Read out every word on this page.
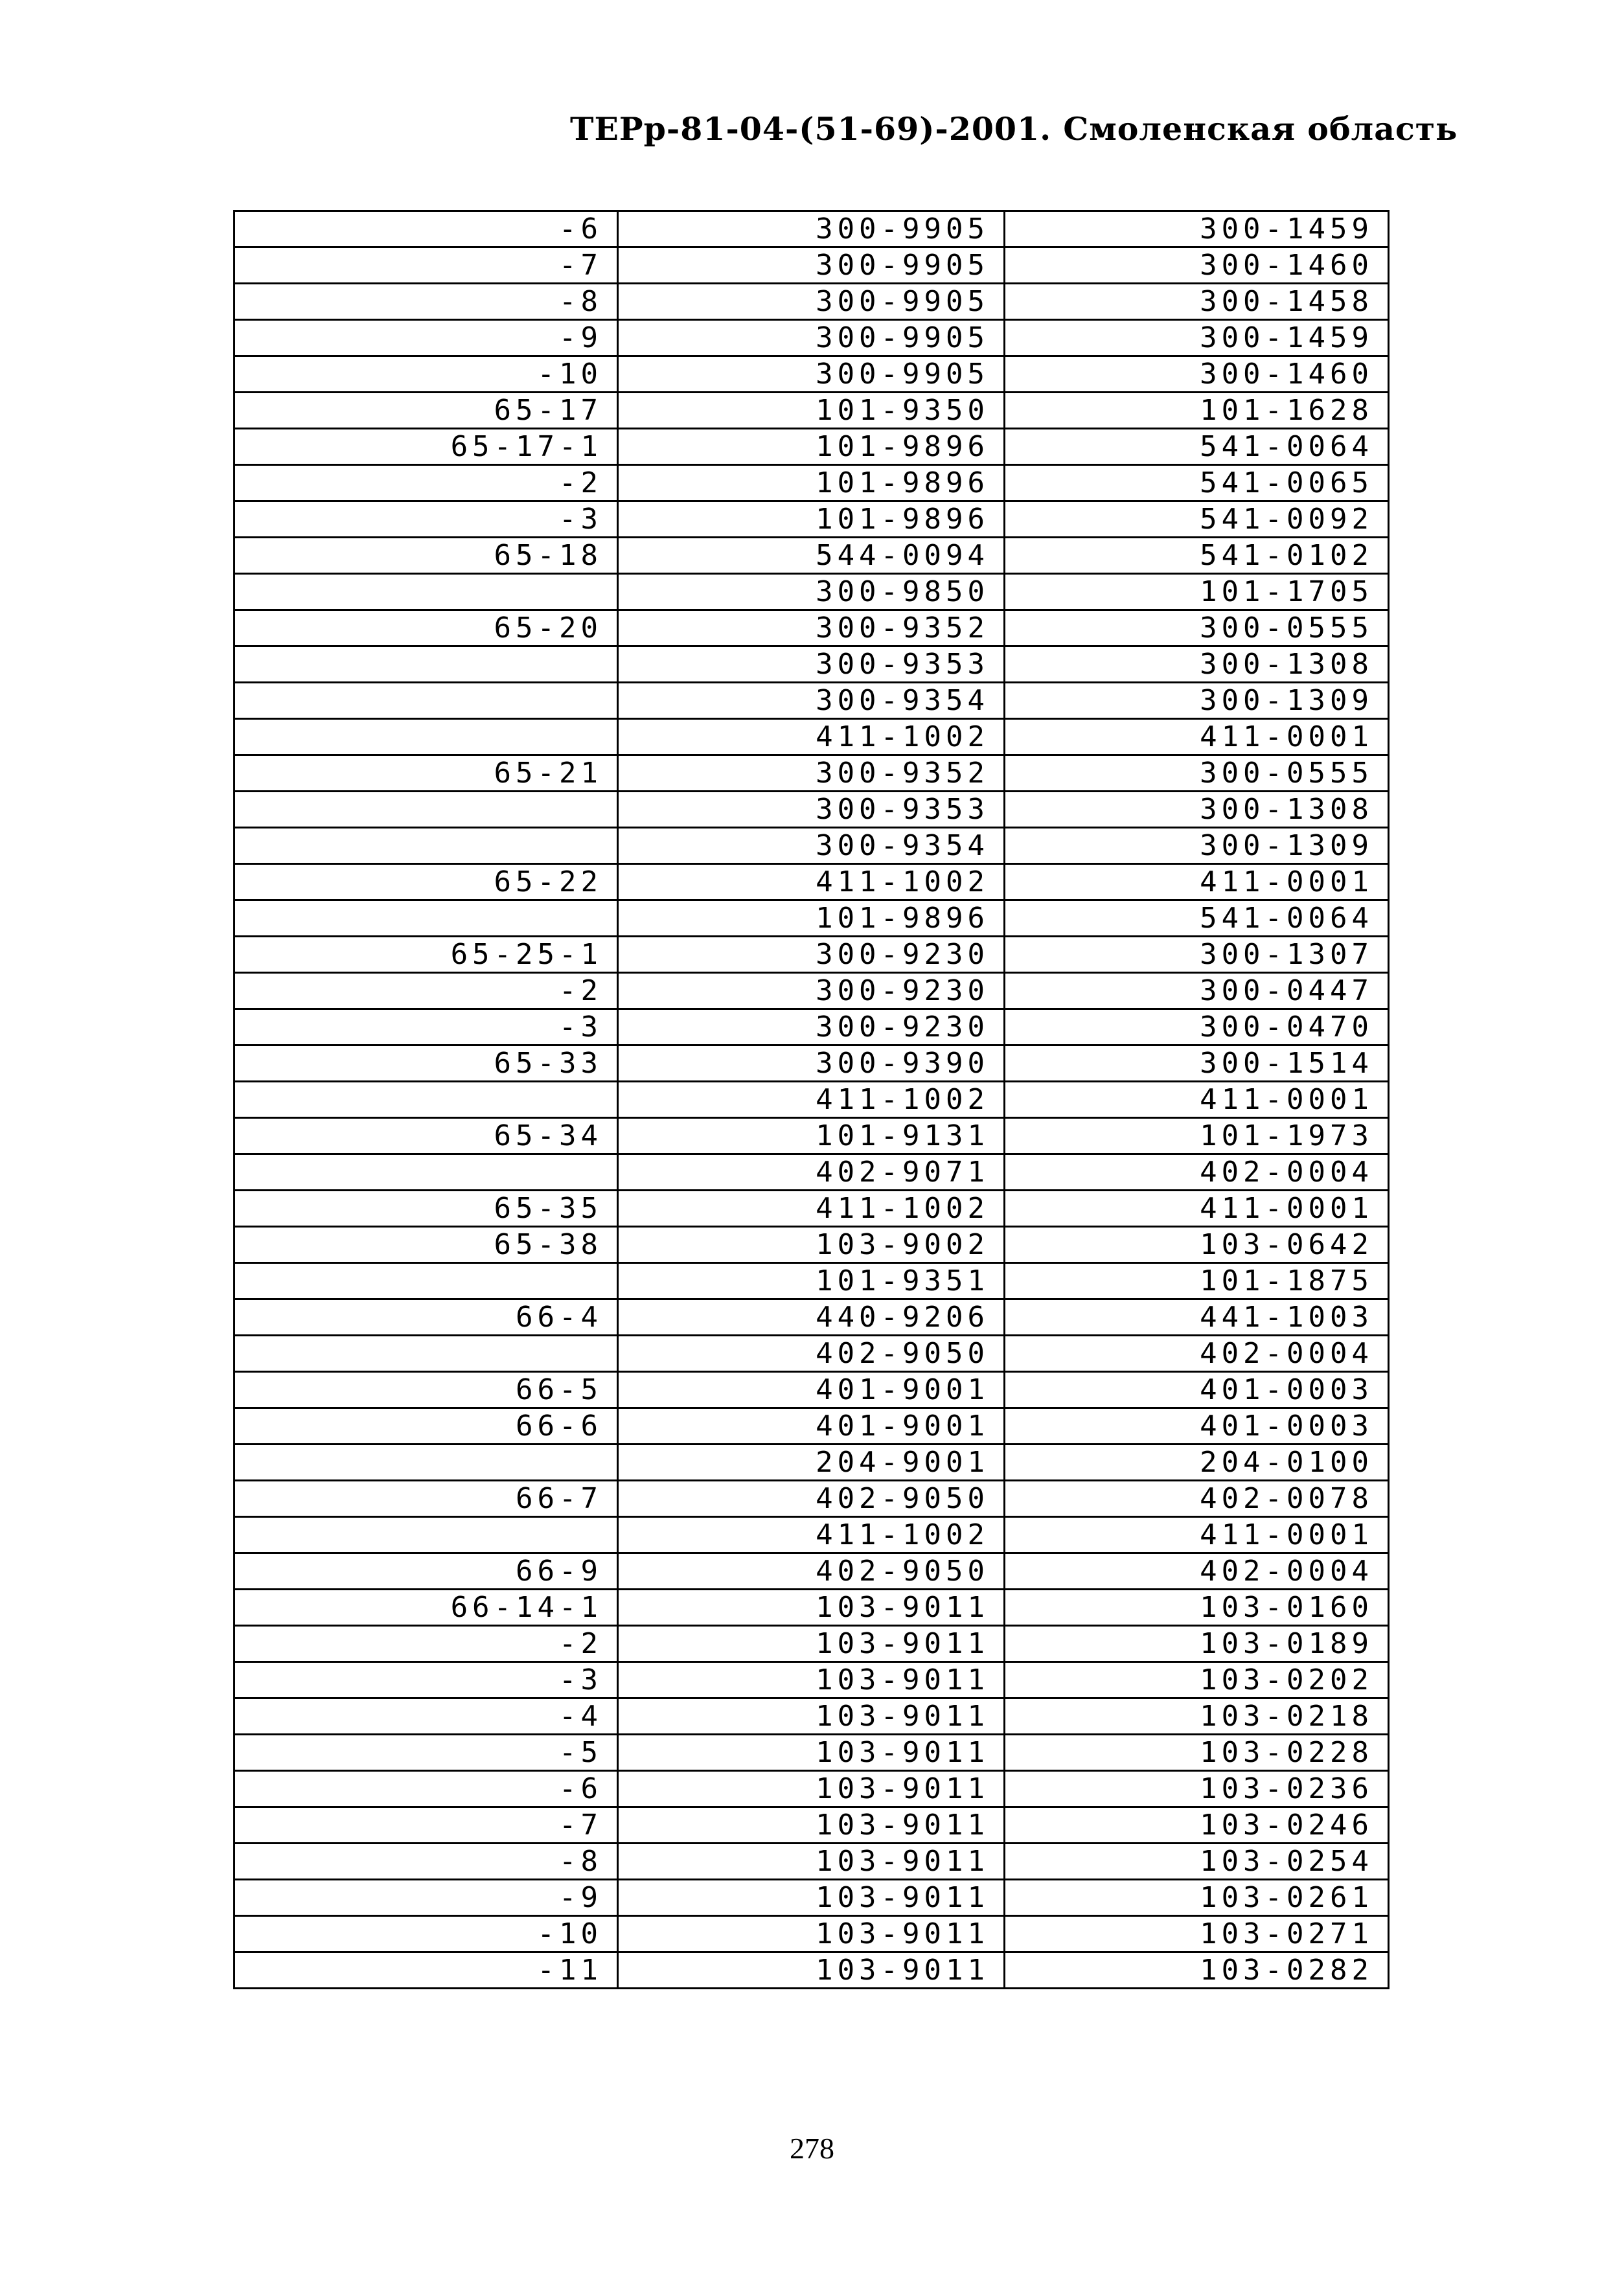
ТЕРр-81-04-(51-69)-2001. Смоленская область
-6	300-9905	300-1459
-7	300-9905	300-1460
-8	300-9905	300-1458
-9	300-9905	300-1459
-10	300-9905	300-1460
65-17	101-9350	101-1628
65-17-1	101-9896	541-0064
-2	101-9896	541-0065
-3	101-9896	541-0092
65-18	544-0094	541-0102
	300-9850	101-1705
65-20	300-9352	300-0555
	300-9353	300-1308
	300-9354	300-1309
	411-1002	411-0001
65-21	300-9352	300-0555
	300-9353	300-1308
	300-9354	300-1309
65-22	411-1002	411-0001
	101-9896	541-0064
65-25-1	300-9230	300-1307
-2	300-9230	300-0447
-3	300-9230	300-0470
65-33	300-9390	300-1514
	411-1002	411-0001
65-34	101-9131	101-1973
	402-9071	402-0004
65-35	411-1002	411-0001
65-38	103-9002	103-0642
	101-9351	101-1875
66-4	440-9206	441-1003
	402-9050	402-0004
66-5	401-9001	401-0003
66-6	401-9001	401-0003
	204-9001	204-0100
66-7	402-9050	402-0078
	411-1002	411-0001
66-9	402-9050	402-0004
66-14-1	103-9011	103-0160
-2	103-9011	103-0189
-3	103-9011	103-0202
-4	103-9011	103-0218
-5	103-9011	103-0228
-6	103-9011	103-0236
-7	103-9011	103-0246
-8	103-9011	103-0254
-9	103-9011	103-0261
-10	103-9011	103-0271
-11	103-9011	103-0282
278
